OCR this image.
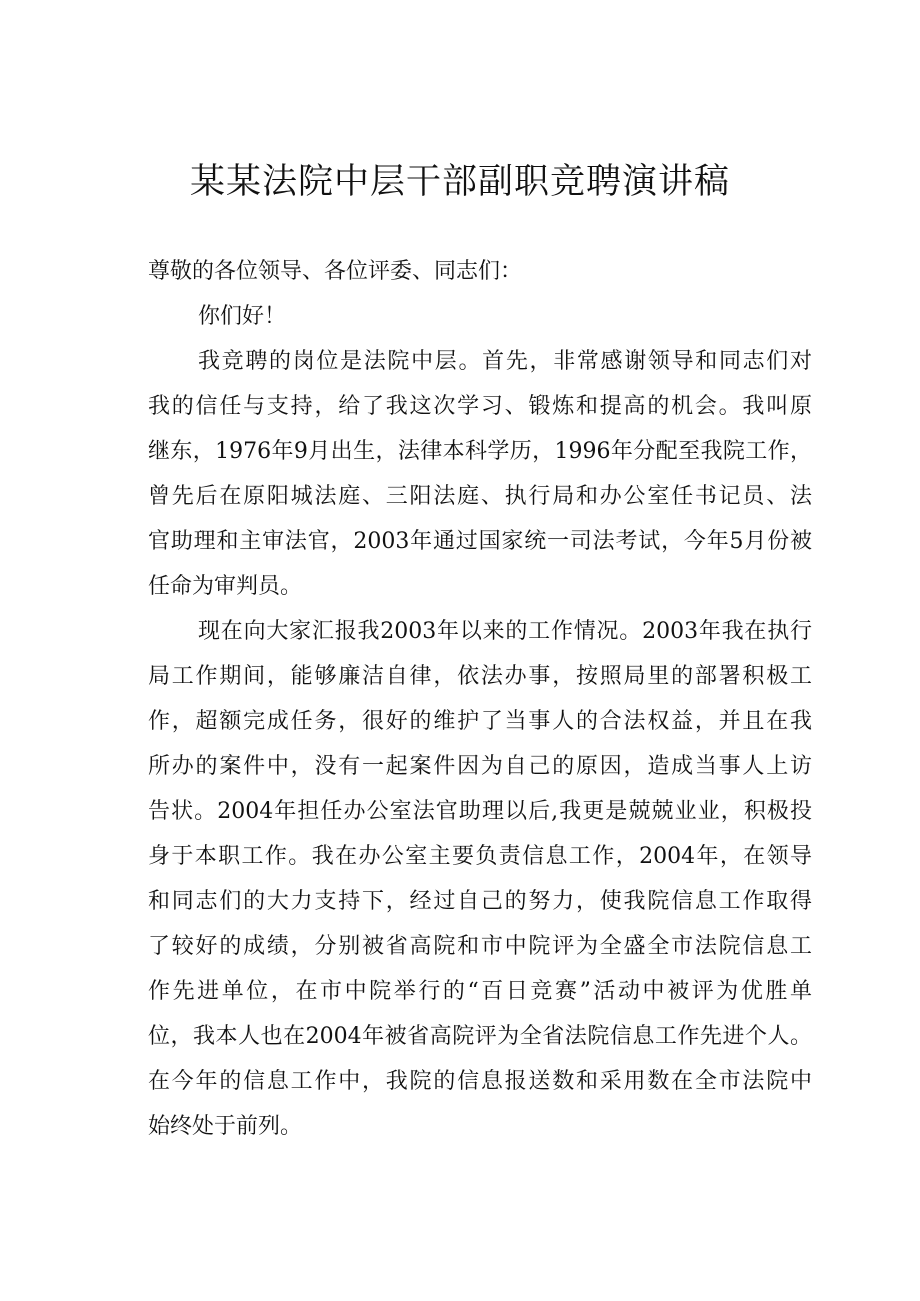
某某法院中层干部副职竞聘演讲稿
尊敬的各位领导、各位评委、同志们：
你们好！
我竞聘的岗位是法院中层。首先，非常感谢领导和同志们对
我的信任与支持，给了我这次学习、锻炼和提高的机会。我叫原
继东，1976年9月出生，法律本科学历，1996年分配至我院工作，
曾先后在原阳城法庭、三阳法庭、执行局和办公室任书记员、法
官助理和主审法官，2003年通过国家统一司法考试，今年5月份被
任命为审判员。
现在向大家汇报我2003年以来的工作情况。2003年我在执行
局工作期间，能够廉洁自律，依法办事，按照局里的部署积极工
作，超额完成任务，很好的维护了当事人的合法权益，并且在我
所办的案件中，没有一起案件因为自己的原因，造成当事人上访
告状。2004年担任办公室法官助理以后,我更是兢兢业业，积极投
身于本职工作。我在办公室主要负责信息工作，2004年，在领导
和同志们的大力支持下，经过自己的努力，使我院信息工作取得
了较好的成绩，分别被省高院和市中院评为全盛全市法院信息工
作先进单位，在市中院举行的“百日竞赛”活动中被评为优胜单
位，我本人也在2004年被省高院评为全省法院信息工作先进个人。
在今年的信息工作中，我院的信息报送数和采用数在全市法院中
始终处于前列。
